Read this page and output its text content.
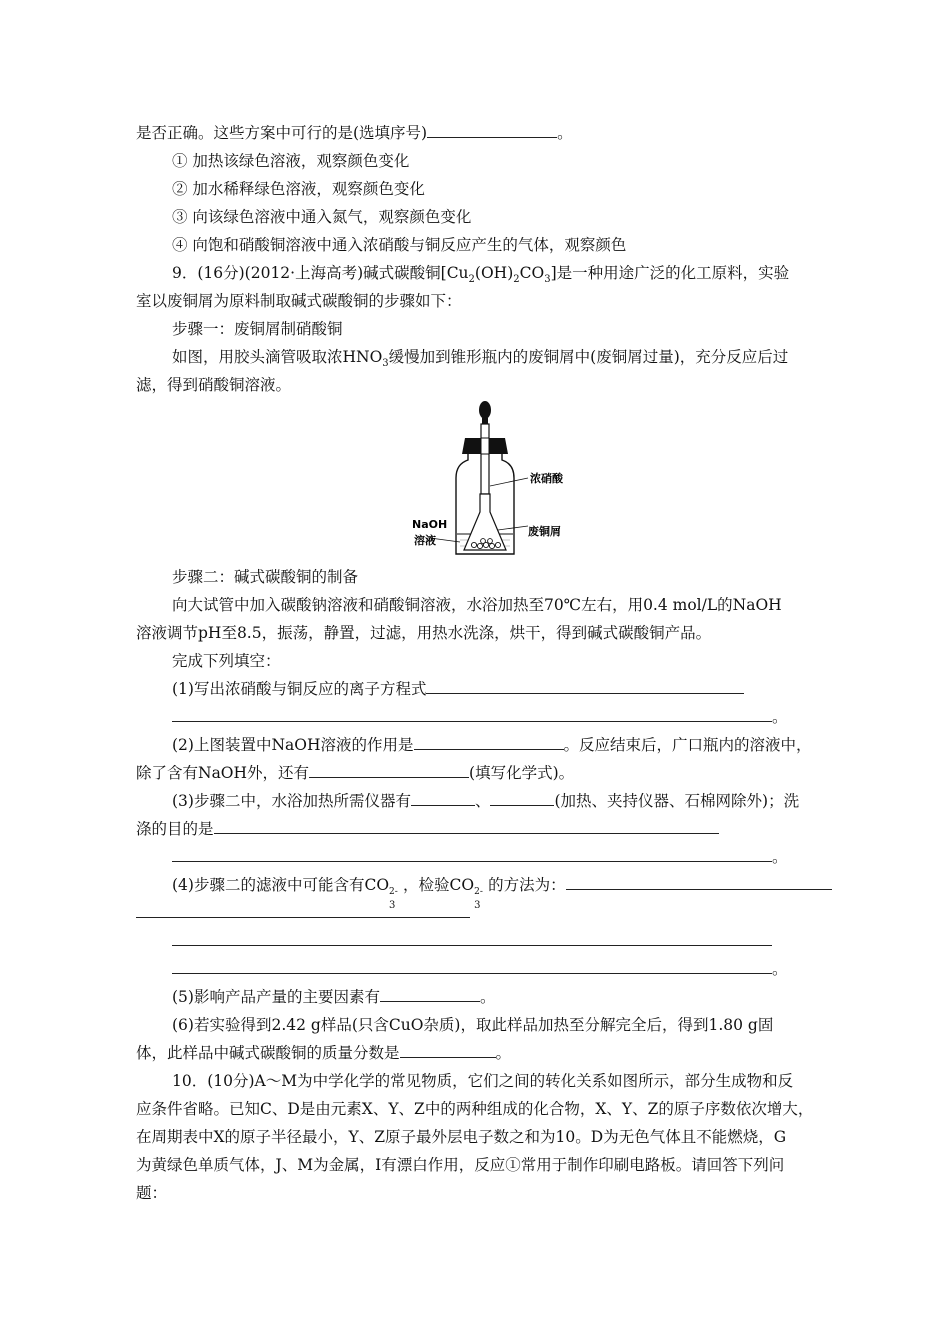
是否正确。这些方案中可行的是(选填序号)	。
① 加热该绿色溶液，观察颜色变化
② 加水稀释绿色溶液，观察颜色变化
③ 向该绿色溶液中通入氮气，观察颜色变化
④ 向饱和硝酸铜溶液中通入浓硝酸与铜反应产生的气体，观察颜色
9．(16分)(2012·上海高考)碱式碳酸铜$[Cu_2(OH)_2CO_3]$是一种用途广泛的化工原料，实验
室以废铜屑为原料制取碱式碳酸铜的步骤如下：
步骤一：废铜屑制硝酸铜
如图，用胶头滴管吸取浓$HNO_3$缓慢加到锥形瓶内的废铜屑中(废铜屑过量)，充分反应后过
滤，得到硝酸铜溶液。
浓硝酸
废铜屑
NaOH
溶液
步骤二：碱式碳酸铜的制备
向大试管中加入碳酸钠溶液和硝酸铜溶液，水浴加热至70℃左右，用0.4 mol/L的NaOH
溶液调节pH至8.5，振荡，静置，过滤，用热水洗涤，烘干，得到碱式碳酸铜产品。
完成下列填空：
(1)写出浓硝酸与铜反应的离子方程式
。
(2)上图装置中NaOH溶液的作用是	。反应结束后，广口瓶内的溶液中，
除了含有NaOH外，还有	(填写化学式)。
(3)步骤二中，水浴加热所需仪器有	、	(加热、夹持仪器、石棉网除外)；洗
涤的目的是
。
(4)步骤二的滤液中可能含有CO 2-
3
，检验CO 2-
3
的方法为：
。
(5)影响产品产量的主要因素有	。
(6)若实验得到2.42 g样品(只含CuO杂质)，取此样品加热至分解完全后，得到1.80 g固
体，此样品中碱式碳酸铜的质量分数是	。
10．(10分)A～M为中学化学的常见物质，它们之间的转化关系如图所示，部分生成物和反
应条件省略。已知C、D是由元素X、Y、Z中的两种组成的化合物，X、Y、Z的原子序数依次增大，
在周期表中X的原子半径最小，Y、Z原子最外层电子数之和为10。D为无色气体且不能燃烧，G
为黄绿色单质气体，J、M为金属，I有漂白作用，反应①常用于制作印刷电路板。请回答下列问
题：
